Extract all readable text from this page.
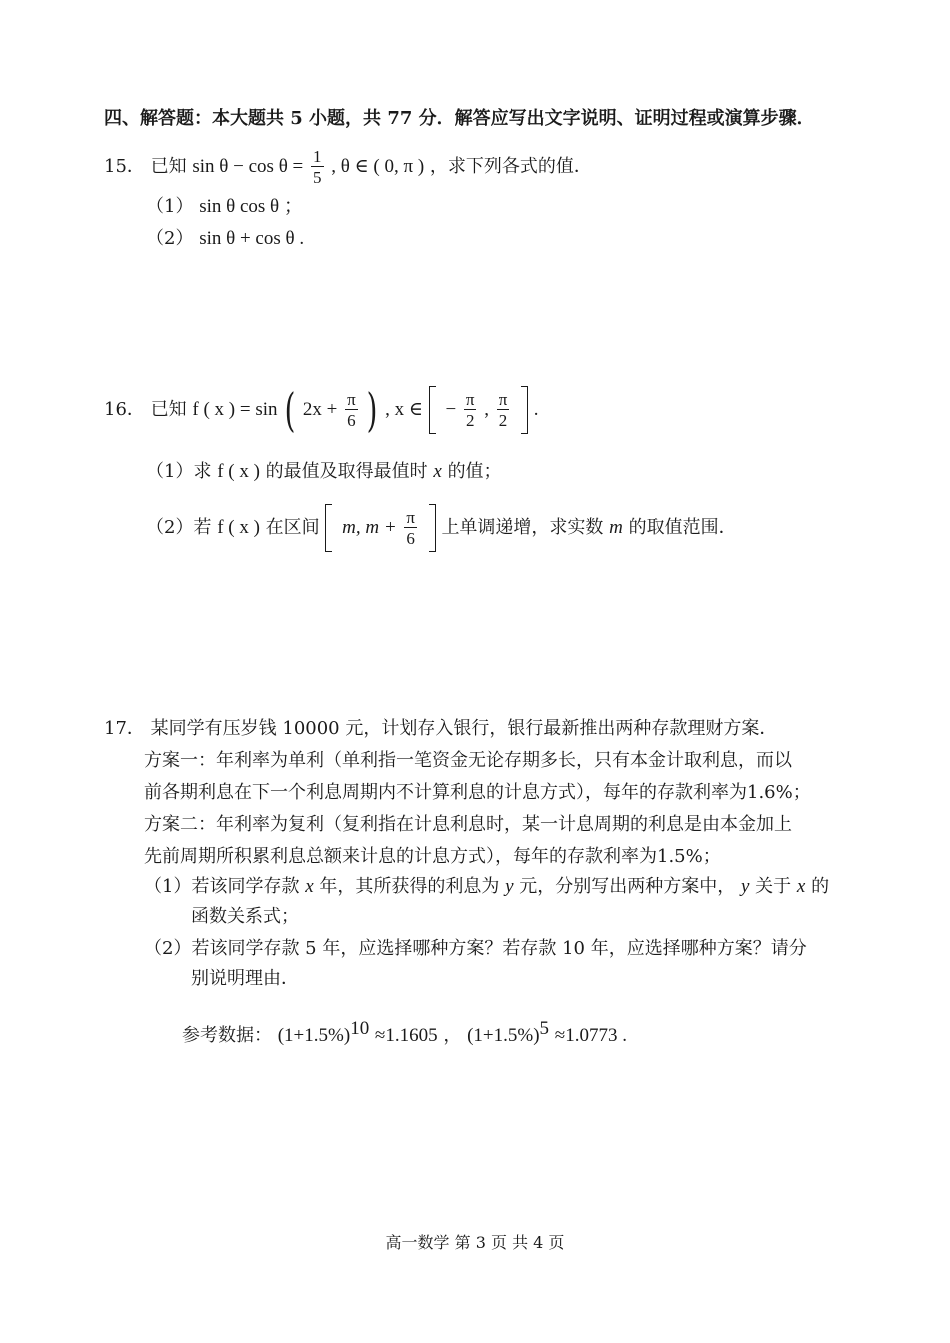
四、解答题：本大题共 5 小题，共 77 分．解答应写出文字说明、证明过程或演算步骤．
15． 已知 $\sin \theta - \cos \theta = \frac{1}{5}$ , θ ∈ ( 0, π ) ，求下列各式的值．
（1） sin θ cos θ ；
（2） sin θ + cos θ .
16． 已知 f ( x ) = sin ( $2x + \frac{\pi}{6}$ ) , x ∈ − $\frac{\pi}{2}$ , $\frac{\pi}{2}$ .
（1）求 f ( x ) 的最值及取得最值时 x 的值；
（2）若 f ( x ) 在区间 m, $m + \frac{\pi}{6}$ 上单调递增，求实数 m 的取值范围．
17． 某同学有压岁钱 10000 元，计划存入银行，银行最新推出两种存款理财方案．
方案一：年利率为单利（单利指一笔资金无论存期多长，只有本金计取利息，而以
前各期利息在下一个利息周期内不计算利息的计息方式），每年的存款利率为1.6%；
方案二：年利率为复利（复利指在计息利息时，某一计息周期的利息是由本金加上
先前周期所积累利息总额来计息的计息方式），每年的存款利率为1.5%；
（1）若该同学存款 x 年，其所获得的利息为 y 元，分别写出两种方案中， y 关于 x 的
函数关系式；
（2）若该同学存款 5 年，应选择哪种方案？若存款 10 年，应选择哪种方案？请分
别说明理由．
参考数据： $(1+1.5\%)^{10} \approx 1.1605$ ， $(1+1.5\%)^5 \approx 1.0773$ .
高一数学 第 3 页 共 4 页
